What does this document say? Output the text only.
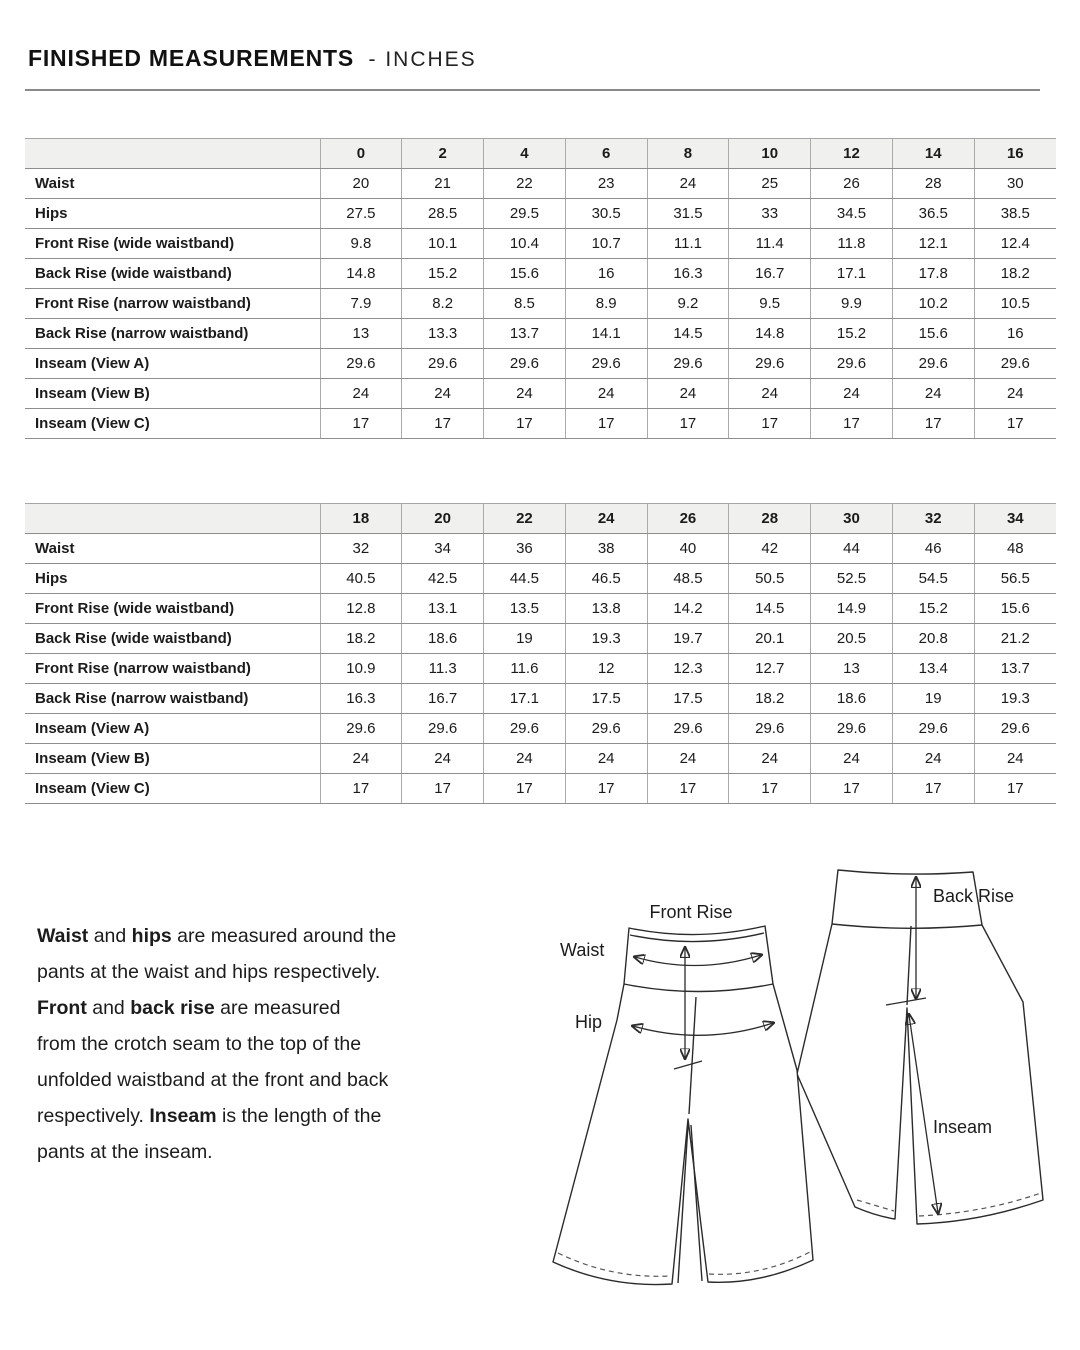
FINISHED MEASUREMENTS - INCHES
	0	2	4	6	8	10	12	14	16
Waist	20	21	22	23	24	25	26	28	30
Hips	27.5	28.5	29.5	30.5	31.5	33	34.5	36.5	38.5
Front Rise (wide waistband)	9.8	10.1	10.4	10.7	11.1	11.4	11.8	12.1	12.4
Back Rise (wide waistband)	14.8	15.2	15.6	16	16.3	16.7	17.1	17.8	18.2
Front Rise (narrow waistband)	7.9	8.2	8.5	8.9	9.2	9.5	9.9	10.2	10.5
Back Rise (narrow waistband)	13	13.3	13.7	14.1	14.5	14.8	15.2	15.6	16
Inseam (View A)	29.6	29.6	29.6	29.6	29.6	29.6	29.6	29.6	29.6
Inseam (View B)	24	24	24	24	24	24	24	24	24
Inseam (View C)	17	17	17	17	17	17	17	17	17
	18	20	22	24	26	28	30	32	34
Waist	32	34	36	38	40	42	44	46	48
Hips	40.5	42.5	44.5	46.5	48.5	50.5	52.5	54.5	56.5
Front Rise (wide waistband)	12.8	13.1	13.5	13.8	14.2	14.5	14.9	15.2	15.6
Back Rise (wide waistband)	18.2	18.6	19	19.3	19.7	20.1	20.5	20.8	21.2
Front Rise (narrow waistband)	10.9	11.3	11.6	12	12.3	12.7	13	13.4	13.7
Back Rise (narrow waistband)	16.3	16.7	17.1	17.5	17.5	18.2	18.6	19	19.3
Inseam (View A)	29.6	29.6	29.6	29.6	29.6	29.6	29.6	29.6	29.6
Inseam (View B)	24	24	24	24	24	24	24	24	24
Inseam (View C)	17	17	17	17	17	17	17	17	17
Waist and hips are measured around the
pants at the waist and hips respectively.
Front and back rise are measured
from the crotch seam to the top of the
unfolded waistband at the front and back
respectively. Inseam is the length of the
pants at the inseam.
Front Rise
Waist
Hip
Back Rise
Inseam
